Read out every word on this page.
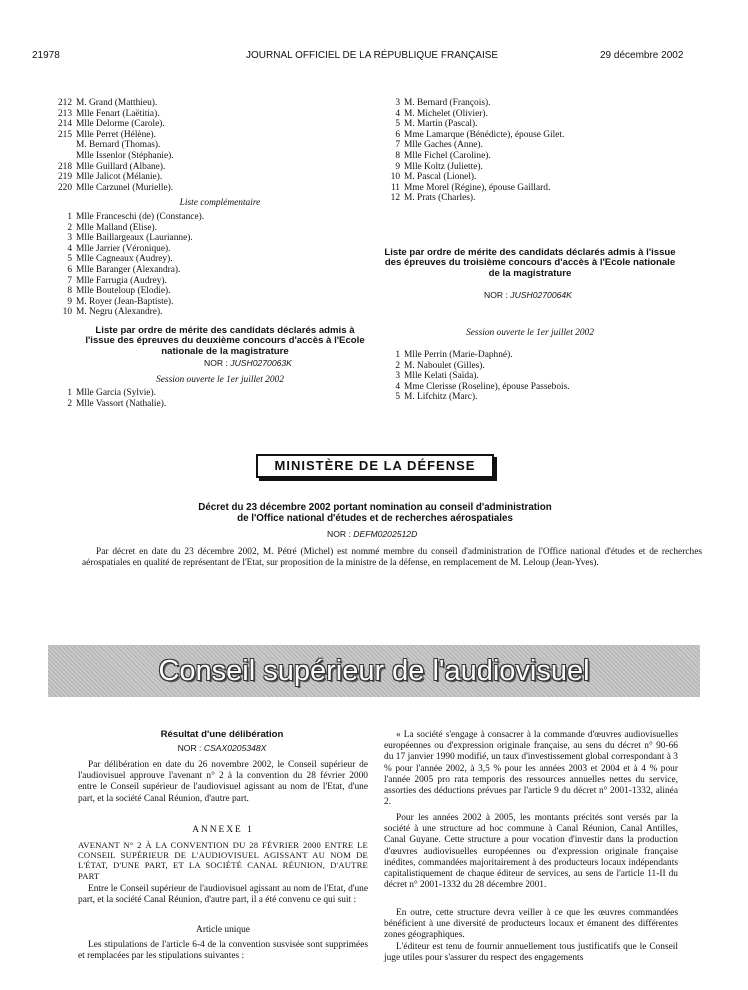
21978	JOURNAL OFFICIEL DE LA RÉPUBLIQUE FRANÇAISE	29 décembre 2002
212 M. Grand (Matthieu).
213 Mlle Fenart (Laëtitia).
214 Mlle Delorme (Carole).
215 Mlle Perret (Hélène).
M. Bernard (Thomas).
Mlle Issenlor (Stéphanie).
218 Mlle Guillard (Albane).
219 Mlle Jalicot (Mélanie).
220 Mlle Carzunel (Murielle).
Liste complémentaire
1 Mlle Franceschi (de) (Constance).
2 Mlle Malland (Elise).
3 Mlle Baillargeaux (Laurianne).
4 Mlle Jarrier (Véronique).
5 Mlle Cagneaux (Audrey).
6 Mlle Baranger (Alexandra).
7 Mlle Farrugia (Audrey).
8 Mlle Bouteloup (Elodie).
9 M. Royer (Jean-Baptiste).
10 M. Negru (Alexandre).
Liste par ordre de mérite des candidats déclarés admis à l'issue des épreuves du deuxième concours d'accès à l'Ecole nationale de la magistrature
NOR : JUSH0270063K
Session ouverte le 1er juillet 2002
1 Mlle Garcia (Sylvie).
2 Mlle Vassort (Nathalie).
3 M. Bernard (François).
4 M. Michelet (Olivier).
5 M. Martin (Pascal).
6 Mme Lamarque (Bénédicte), épouse Gilet.
7 Mlle Gaches (Anne).
8 Mlle Fichel (Caroline).
9 Mlle Koltz (Juliette).
10 M. Pascal (Lionel).
11 Mme Morel (Régine), épouse Gaillard.
12 M. Prats (Charles).
Liste par ordre de mérite des candidats déclarés admis à l'issue des épreuves du troisième concours d'accès à l'Ecole nationale de la magistrature
NOR : JUSH0270064K
Session ouverte le 1er juillet 2002
1 Mlle Perrin (Marie-Daphné).
2 M. Naboulet (Gilles).
3 Mlle Kelati (Saïda).
4 Mme Clerisse (Roseline), épouse Passebois.
5 M. Lifchitz (Marc).
MINISTÈRE DE LA DÉFENSE
Décret du 23 décembre 2002 portant nomination au conseil d'administration
de l'Office national d'études et de recherches aérospatiales
NOR : DEFM0202512D
Par décret en date du 23 décembre 2002, M. Pétré (Michel) est nommé membre du conseil d'administration de l'Office national d'études et de recherches aérospatiales en qualité de représentant de l'Etat, sur proposition de la ministre de la défense, en remplacement de M. Leloup (Jean-Yves).
Conseil supérieur de l'audiovisuel
Résultat d'une délibération
NOR : CSAX0205348X
Par délibération en date du 26 novembre 2002, le Conseil supérieur de l'audiovisuel approuve l'avenant n° 2 à la convention du 28 février 2000 entre le Conseil supérieur de l'audiovisuel agissant au nom de l'Etat, d'une part, et la société Canal Réunion, d'autre part.
ANNEXE 1
AVENANT N° 2 À LA CONVENTION DU 28 FÉVRIER 2000 ENTRE LE CONSEIL SUPÉRIEUR DE L'AUDIOVISUEL AGISSANT AU NOM DE L'ÉTAT, D'UNE PART, ET LA SOCIÉTÉ CANAL RÉUNION, D'AUTRE PART
Entre le Conseil supérieur de l'audiovisuel agissant au nom de l'Etat, d'une part, et la société Canal Réunion, d'autre part, il a été convenu ce qui suit :
Article unique
Les stipulations de l'article 6-4 de la convention susvisée sont supprimées et remplacées par les stipulations suivantes :
« La société s'engage à consacrer à la commande d'œuvres audiovisuelles européennes ou d'expression originale française, au sens du décret n° 90-66 du 17 janvier 1990 modifié, un taux d'investissement global correspondant à 3 % pour l'année 2002, à 3,5 % pour les années 2003 et 2004 et à 4 % pour l'année 2005 pro rata temporis des ressources annuelles nettes du service, assorties des déductions prévues par l'article 9 du décret n° 2001-1332, alinéa 2.
Pour les années 2002 à 2005, les montants précités sont versés par la société à une structure ad hoc commune à Canal Réunion, Canal Antilles, Canal Guyane. Cette structure a pour vocation d'investir dans la production d'œuvres audiovisuelles européennes ou d'expression originale française inédites, commandées majoritairement à des producteurs locaux indépendants capitalistiquement de chaque éditeur de services, au sens de l'article 11-II du décret n° 2001-1332 du 28 décembre 2001.
En outre, cette structure devra veiller à ce que les œuvres commandées bénéficient à une diversité de producteurs locaux et émanent des différentes zones géographiques.
L'éditeur est tenu de fournir annuellement tous justificatifs que le Conseil juge utiles pour s'assurer du respect des engagements
